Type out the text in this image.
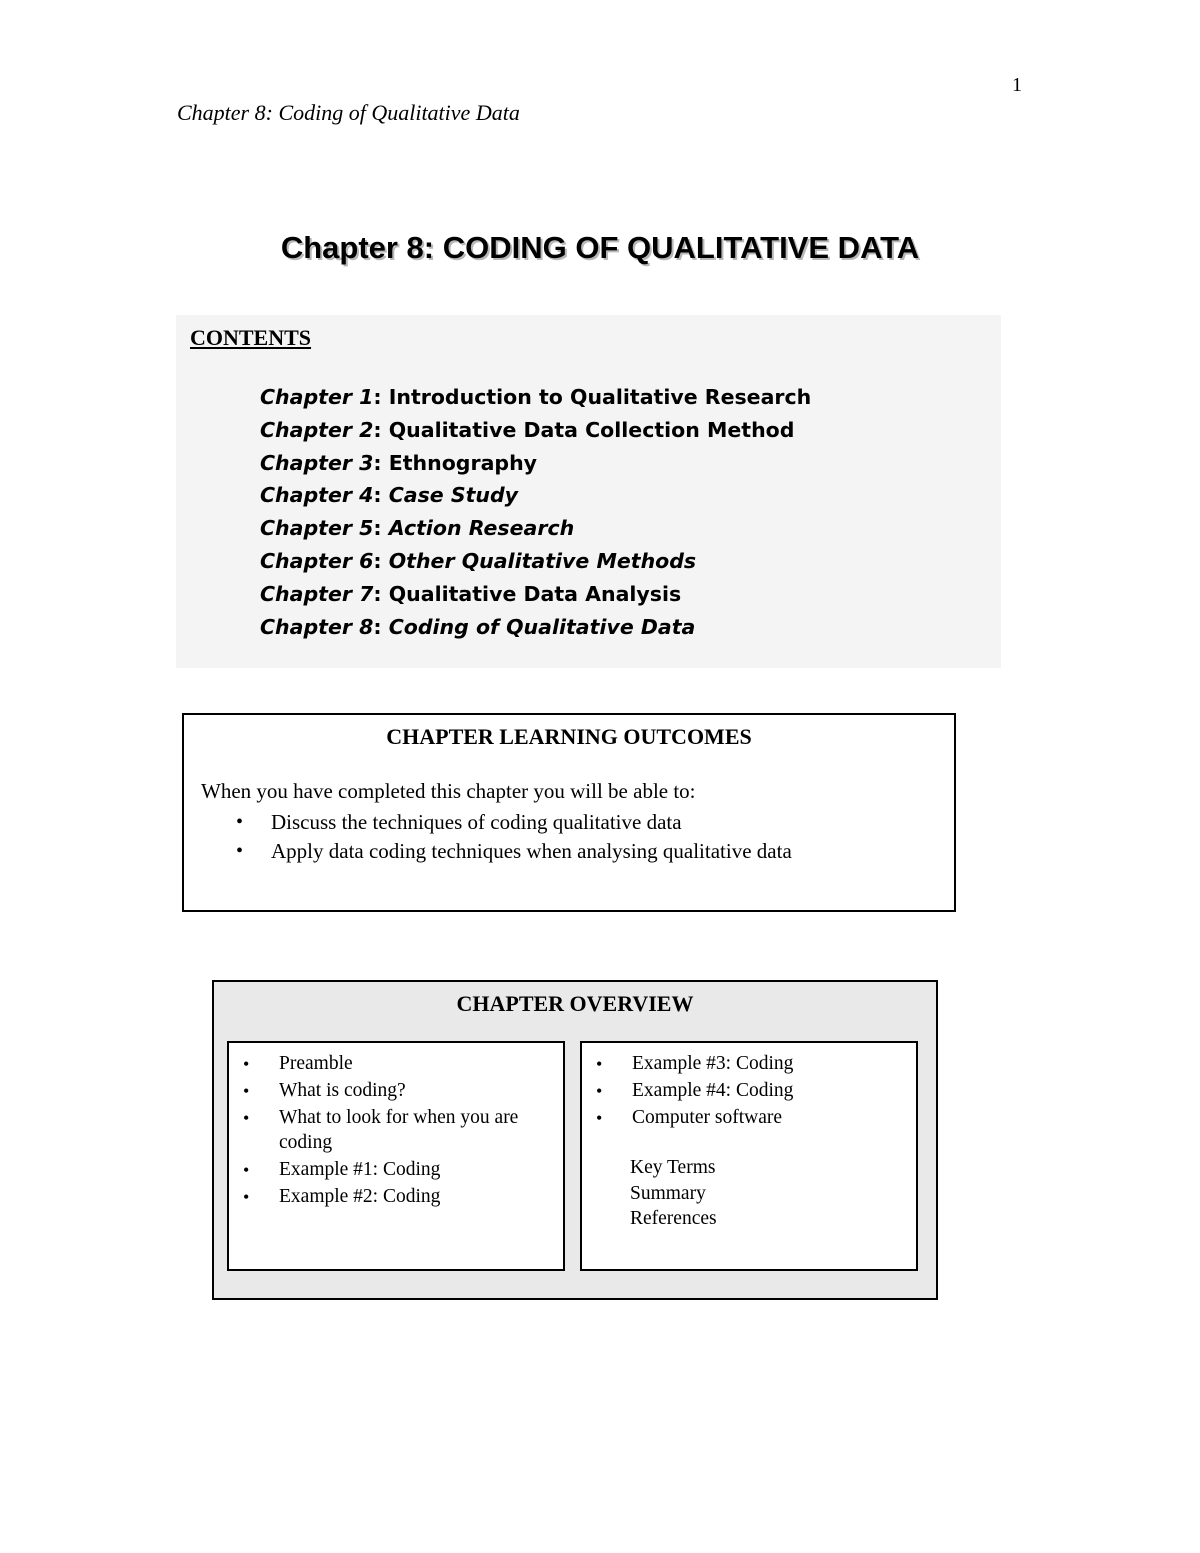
1
Chapter 8: Coding of Qualitative Data
Chapter 8: CODING OF QUALITATIVE DATA
CONTENTS
Chapter 1: Introduction to Qualitative Research
Chapter 2: Qualitative Data Collection Method
Chapter 3: Ethnography
Chapter 4: Case Study
Chapter 5: Action Research
Chapter 6: Other Qualitative Methods
Chapter 7: Qualitative Data Analysis
Chapter 8: Coding of Qualitative Data
CHAPTER LEARNING OUTCOMES
When you have completed this chapter you will be able to:
• Discuss the techniques of coding qualitative data
• Apply data coding techniques when analysing qualitative data
CHAPTER OVERVIEW
• Preamble
• What is coding?
• What to look for when you are coding
• Example #1: Coding
• Example #2: Coding
• Example #3: Coding
• Example #4: Coding
• Computer software
Key Terms
Summary
References
